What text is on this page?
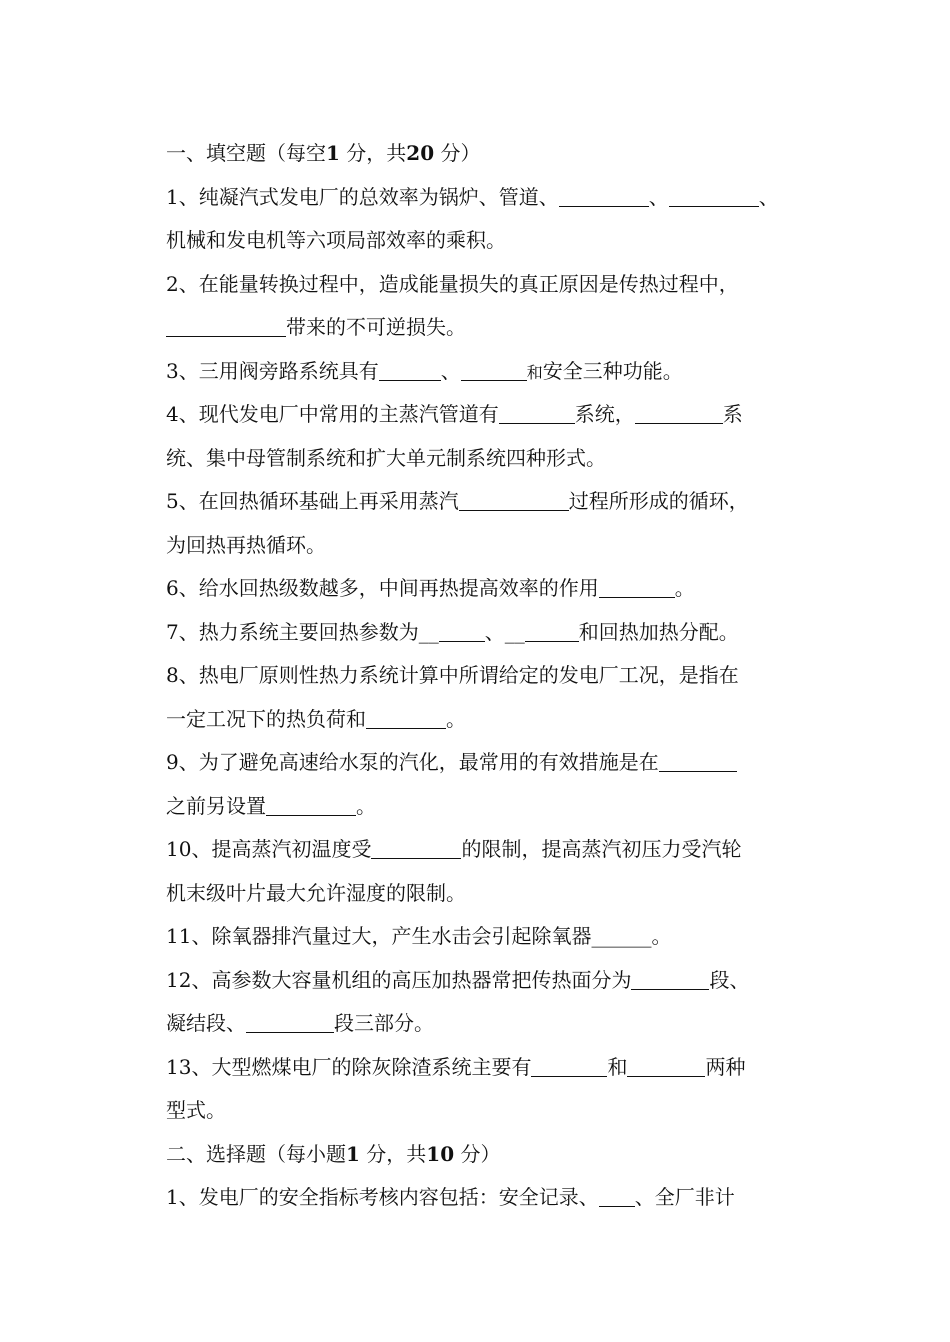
一、填空题（每空1 分，共20 分）
1、纯凝汽式发电厂的总效率为锅炉、管道、	、	、
机械和发电机等六项局部效率的乘积。
2、在能量转换过程中，造成能量损失的真正原因是传热过程中，
带来的不可逆损失。
3、三用阀旁路系统具有	、	和安全三种功能。
4、现代发电厂中常用的主蒸汽管道有	系统，	系
统、集中母管制系统和扩大单元制系统四种形式。
5、在回热循环基础上再采用蒸汽	过程所形成的循环，
为回热再热循环。
6、给水回热级数越多，中间再热提高效率的作用	。
7、热力系统主要回热参数为__ 、__	和回热加热分配。
8、热电厂原则性热力系统计算中所谓给定的发电厂工况，是指在
一定工况下的热负荷和	。
9、为了避免高速给水泵的汽化，最常用的有效措施是在
之前另设置	。
10、提高蒸汽初温度受	的限制，提高蒸汽初压力受汽轮
机末级叶片最大允许湿度的限制。
11、除氧器排汽量过大，产生水击会引起除氧器______。
12、高参数大容量机组的高压加热器常把传热面分为	段、
凝结段、	段三部分。
13、大型燃煤电厂的除灰除渣系统主要有	和	两种
型式。
二、选择题（每小题1 分，共10 分）
1、发电厂的安全指标考核内容包括：安全记录、 、全厂非计
